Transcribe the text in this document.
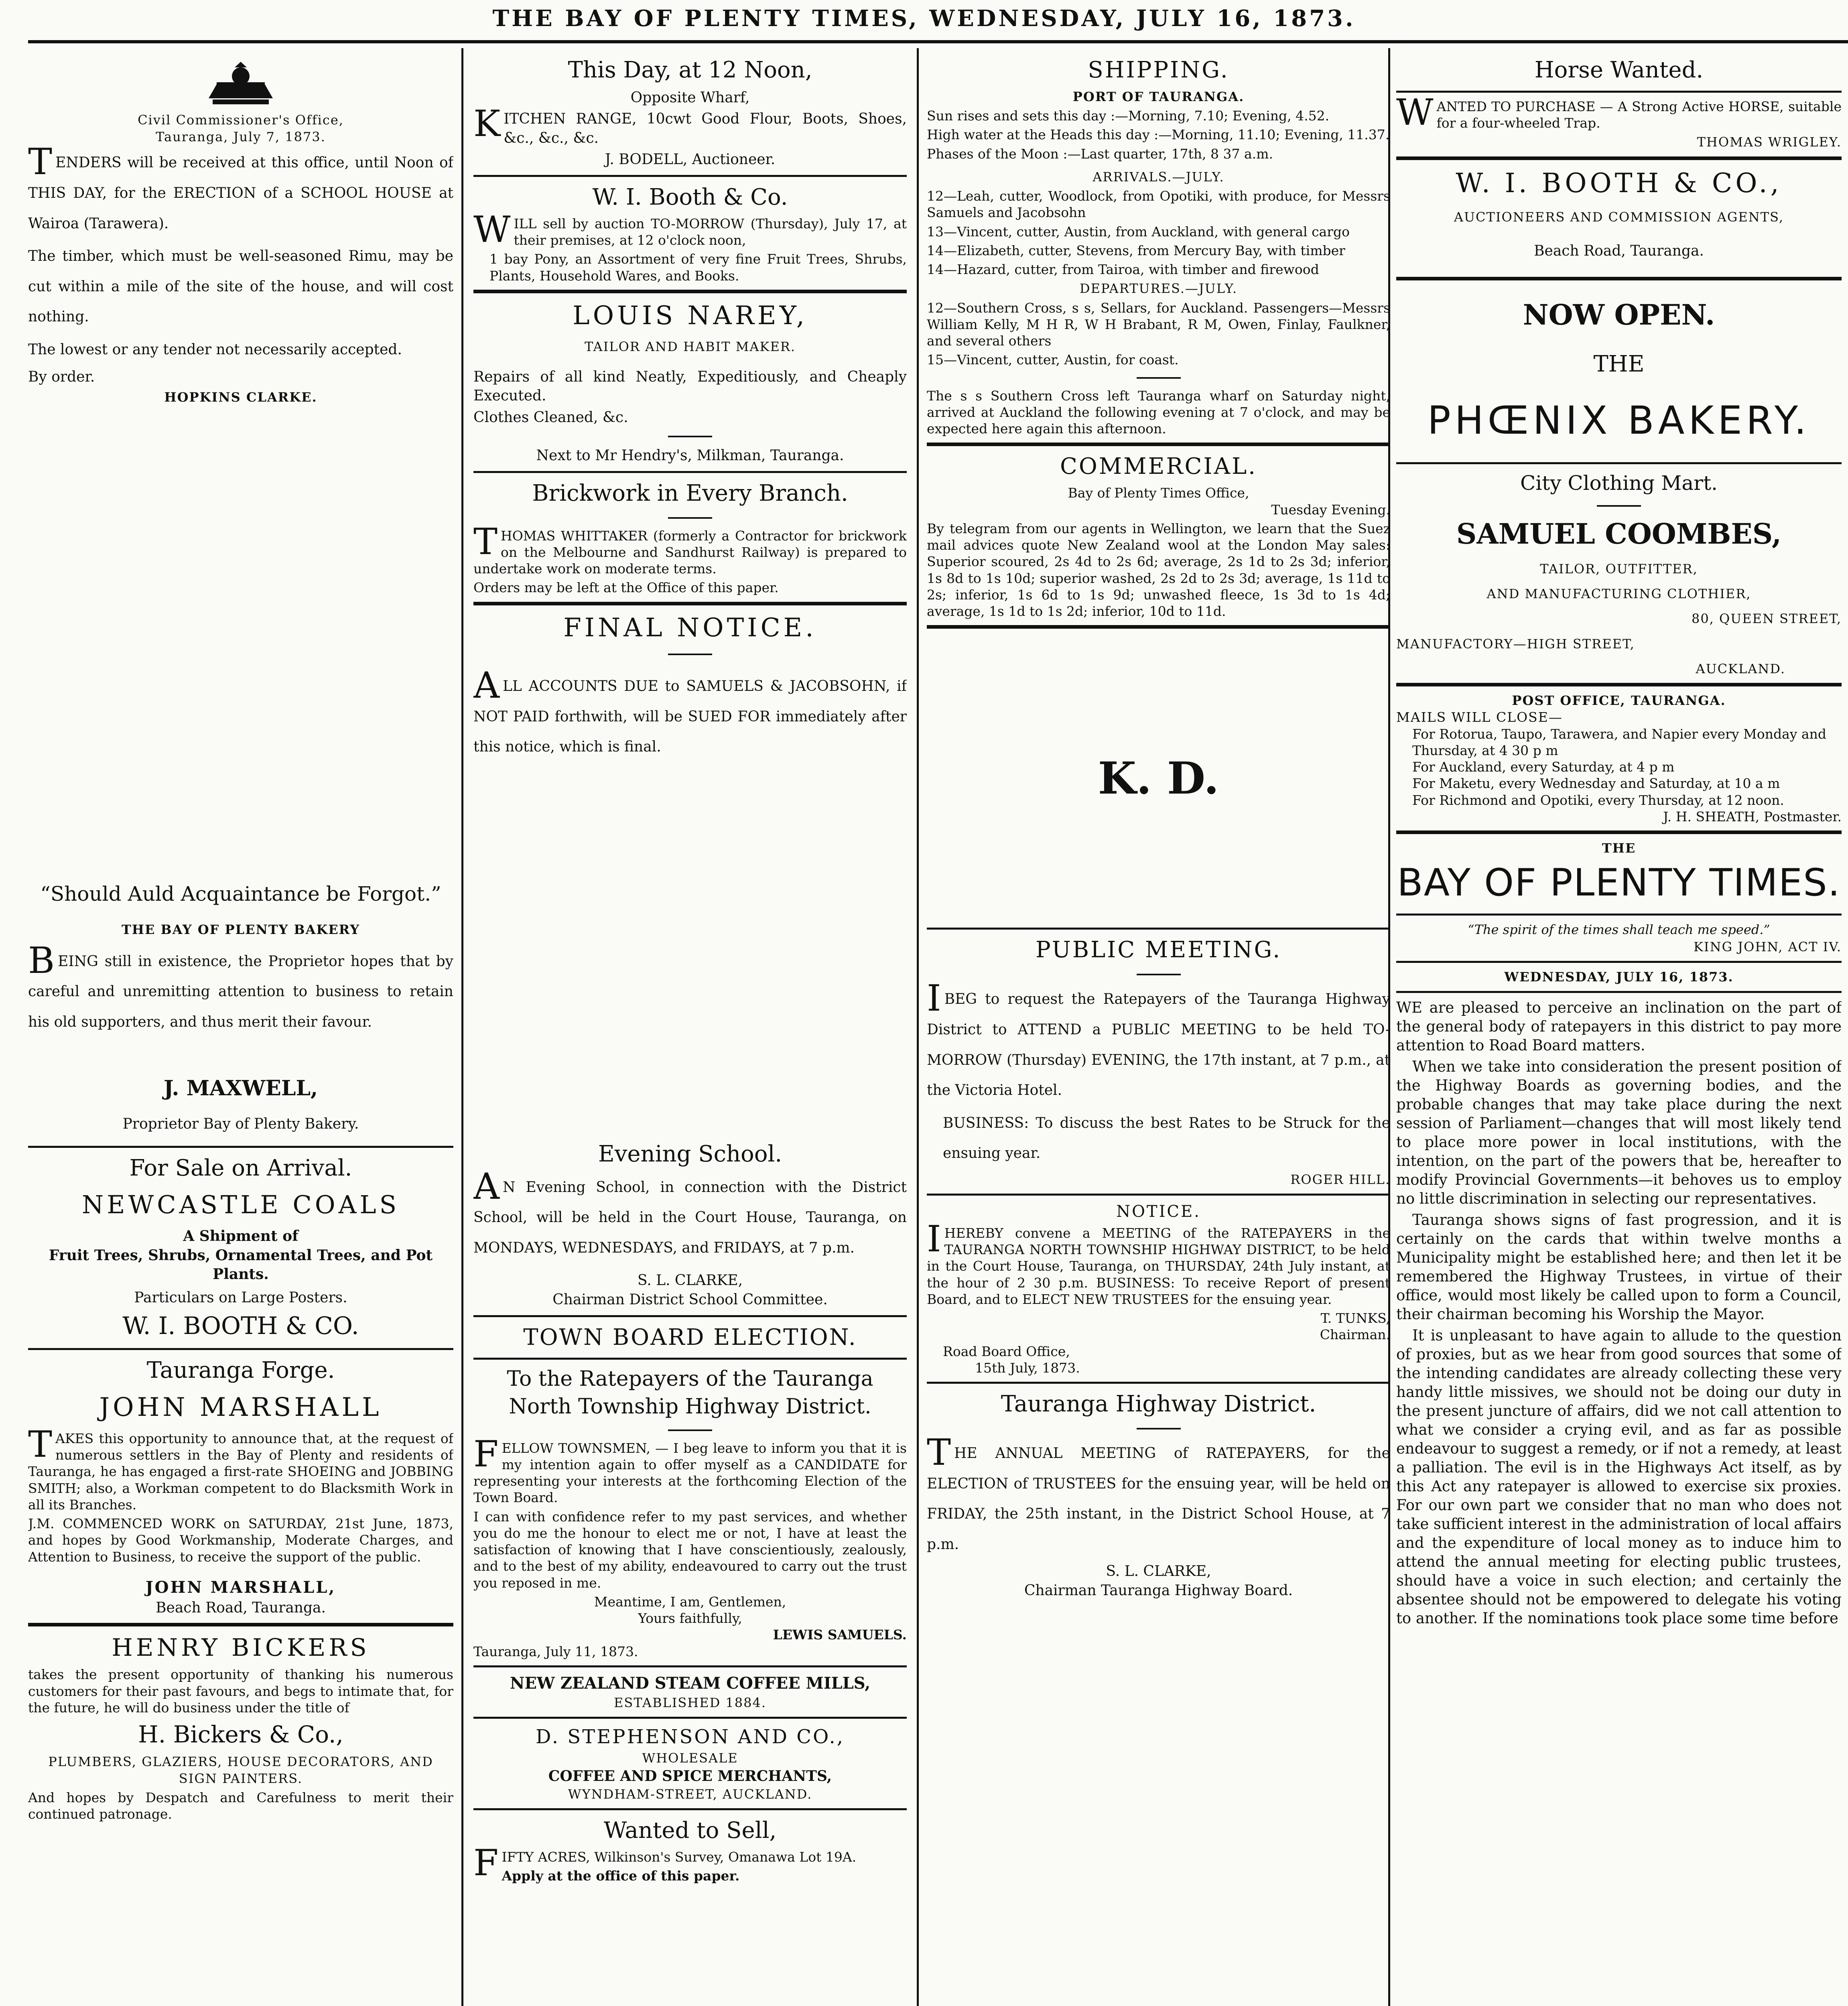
THE BAY OF PLENTY TIMES, WEDNESDAY, JULY 16, 1873.
Civil Commissioner's Office,
Tauranga, July 7, 1873.

TENDERS will be received at this office, until Noon of THIS DAY, for the ERECTION of a SCHOOL HOUSE at Wairoa (Tarawera).

The timber, which must be well-seasoned Rimu, may be cut within a mile of the site of the house, and will cost nothing.

The lowest or any tender not necessarily accepted.

By order.

HOPKINS CLARKE.
“Should Auld Acquaintance be Forgot.”
THE BAY OF PLENTY BAKERY

BEING still in existence, the Proprietor hopes that by careful and unremitting attention to business to retain his old supporters, and thus merit their favour.

J. MAXWELL,
Proprietor Bay of Plenty Bakery.
For Sale on Arrival.
NEWCASTLE COALS
A Shipment of
Fruit Trees, Shrubs, Ornamental Trees, and Pot Plants.
Particulars on Large Posters.
W. I. BOOTH & CO.
Tauranga Forge.
JOHN MARSHALL

TAKES this opportunity to announce that, at the request of numerous settlers in the Bay of Plenty and residents of Tauranga, he has engaged a first-rate SHOEING and JOBBING SMITH; also, a Workman competent to do Blacksmith Work in all its Branches.

J.M. COMMENCED WORK on SATURDAY, 21st June, 1873, and hopes by Good Workmanship, Moderate Charges, and Attention to Business, to receive the support of the public.

JOHN MARSHALL,
Beach Road, Tauranga.
HENRY BICKERS

takes the present opportunity of thanking his numerous customers for their past favours, and begs to intimate that, for the future, he will do business under the title of

H. Bickers & Co.,
PLUMBERS, GLAZIERS, HOUSE DECORATORS, AND SIGN PAINTERS.

And hopes by Despatch and Carefulness to merit their continued patronage.

This Day, at 12 Noon,
Opposite Wharf,

KITCHEN RANGE, 10cwt Good Flour, Boots, Shoes, &c., &c., &c.

J. BODELL, Auctioneer.
W. I. Booth & Co.

WILL sell by auction TO-MORROW (Thursday), July 17, at their premises, at 12 o'clock noon,

1 bay Pony, an Assortment of very fine Fruit Trees, Shrubs, Plants, Household Wares, and Books.

LOUIS NAREY,
TAILOR AND HABIT MAKER.

Repairs of all kind Neatly, Expeditiously, and Cheaply Executed.

Clothes Cleaned, &c.

Next to Mr Hendry's, Milkman, Tauranga.
Brickwork in Every Branch.

THOMAS WHITTAKER (formerly a Contractor for brickwork on the Melbourne and Sandhurst Railway) is prepared to undertake work on moderate terms.

Orders may be left at the Office of this paper.

FINAL NOTICE.

ALL ACCOUNTS DUE to SAMUELS & JACOBSOHN, if NOT PAID forthwith, will be SUED FOR immediately after this notice, which is final.

Evening School.

AN Evening School, in connection with the District School, will be held in the Court House, Tauranga, on MONDAYS, WEDNESDAYS, and FRIDAYS, at 7 p.m.

S. L. CLARKE,
Chairman District School Committee.
TOWN BOARD ELECTION.
To the Ratepayers of the Tauranga North Township Highway District.

FELLOW TOWNSMEN, — I beg leave to inform you that it is my intention again to offer myself as a CANDIDATE for representing your interests at the forthcoming Election of the Town Board.

I can with confidence refer to my past services, and whether you do me the honour to elect me or not, I have at least the satisfaction of knowing that I have conscientiously, zealously, and to the best of my ability, endeavoured to carry out the trust you reposed in me.

Meantime, I am, Gentlemen,
Yours faithfully,
LEWIS SAMUELS.
Tauranga, July 11, 1873.
NEW ZEALAND STEAM COFFEE MILLS,
ESTABLISHED 1884.
D. STEPHENSON AND CO.,
WHOLESALE
COFFEE AND SPICE MERCHANTS,
WYNDHAM-STREET, AUCKLAND.
Wanted to Sell,

FIFTY ACRES, Wilkinson's Survey, Omanawa Lot 19A.

Apply at the office of this paper.
SHIPPING.
PORT OF TAURANGA.

Sun rises and sets this day :—Morning, 7.10; Evening, 4.52.

High water at the Heads this day :—Morning, 11.10; Evening, 11.37.

Phases of the Moon :—Last quarter, 17th, 8 37 a.m.

ARRIVALS.—JULY.

12—Leah, cutter, Woodlock, from Opotiki, with produce, for Messrs Samuels and Jacobsohn

13—Vincent, cutter, Austin, from Auckland, with general cargo

14—Elizabeth, cutter, Stevens, from Mercury Bay, with timber

14—Hazard, cutter, from Tairoa, with timber and firewood

DEPARTURES.—JULY.

12—Southern Cross, s s, Sellars, for Auckland. Passengers—Messrs William Kelly, M H R, W H Brabant, R M, Owen, Finlay, Faulkner, and several others

15—Vincent, cutter, Austin, for coast.

The s s Southern Cross left Tauranga wharf on Saturday night, arrived at Auckland the following evening at 7 o'clock, and may be expected here again this afternoon.

COMMERCIAL.
Bay of Plenty Times Office,
Tuesday Evening.

By telegram from our agents in Wellington, we learn that the Suez mail advices quote New Zealand wool at the London May sales: Superior scoured, 2s 4d to 2s 6d; average, 2s 1d to 2s 3d; inferior, 1s 8d to 1s 10d; superior washed, 2s 2d to 2s 3d; average, 1s 11d to 2s; inferior, 1s 6d to 1s 9d; unwashed fleece, 1s 3d to 1s 4d; average, 1s 1d to 1s 2d; inferior, 10d to 11d.

K. D.
PUBLIC MEETING.

IBEG to request the Ratepayers of the Tauranga Highway District to ATTEND a PUBLIC MEETING to be held TO-MORROW (Thursday) EVENING, the 17th instant, at 7 p.m., at the Victoria Hotel.

BUSINESS: To discuss the best Rates to be Struck for the ensuing year.

ROGER HILL.
NOTICE.

IHEREBY convene a MEETING of the RATEPAYERS in the TAURANGA NORTH TOWNSHIP HIGHWAY DISTRICT, to be held in the Court House, Tauranga, on THURSDAY, 24th July instant, at the hour of 2 30 p.m. BUSINESS: To receive Report of present Board, and to ELECT NEW TRUSTEES for the ensuing year.

T. TUNKS,
Chairman.
Road Board Office,
15th July, 1873.
Tauranga Highway District.

THE ANNUAL MEETING of RATEPAYERS, for the ELECTION of TRUSTEES for the ensuing year, will be held on FRIDAY, the 25th instant, in the District School House, at 7 p.m.

S. L. CLARKE,
Chairman Tauranga Highway Board.
Horse Wanted.

WANTED TO PURCHASE — A Strong Active HORSE, suitable for a four-wheeled Trap.

THOMAS WRIGLEY.
W. I. BOOTH & CO.,
AUCTIONEERS AND COMMISSION AGENTS,
Beach Road, Tauranga.
NOW OPEN.
THE
PHŒNIX BAKERY.
City Clothing Mart.
SAMUEL COOMBES,
TAILOR, OUTFITTER,
AND MANUFACTURING CLOTHIER,
80, QUEEN STREET,
MANUFACTORY—HIGH STREET,
AUCKLAND.
POST OFFICE, TAURANGA.
MAILS WILL CLOSE—
For Rotorua, Taupo, Tarawera, and Napier every Monday and Thursday, at 4 30 p m
For Auckland, every Saturday, at 4 p m
For Maketu, every Wednesday and Saturday, at 10 a m
For Richmond and Opotiki, every Thursday, at 12 noon.
J. H. SHEATH, Postmaster.
THE
BAY OF PLENTY TIMES.
“The spirit of the times shall teach me speed.”
KING JOHN, ACT IV.
WEDNESDAY, JULY 16, 1873.

WE are pleased to perceive an inclination on the part of the general body of ratepayers in this district to pay more attention to Road Board matters.

When we take into consideration the present position of the Highway Boards as governing bodies, and the probable changes that may take place during the next session of Parliament—changes that will most likely tend to place more power in local institutions, with the intention, on the part of the powers that be, hereafter to modify Provincial Governments—it behoves us to employ no little discrimination in selecting our representatives.

Tauranga shows signs of fast progression, and it is certainly on the cards that within twelve months a Municipality might be established here; and then let it be remembered the Highway Trustees, in virtue of their office, would most likely be called upon to form a Council, their chairman becoming his Worship the Mayor.

It is unpleasant to have again to allude to the question of proxies, but as we hear from good sources that some of the intending candidates are already collecting these very handy little missives, we should not be doing our duty in the present juncture of affairs, did we not call attention to what we consider a crying evil, and as far as possible endeavour to suggest a remedy, or if not a remedy, at least a palliation. The evil is in the Highways Act itself, as by this Act any ratepayer is allowed to exercise six proxies. For our own part we consider that no man who does not take sufficient interest in the administration of local affairs and the expenditure of local money as to induce him to attend the annual meeting for electing public trustees, should have a voice in such election; and certainly the absentee should not be empowered to delegate his voting to another. If the nominations took place some time before
